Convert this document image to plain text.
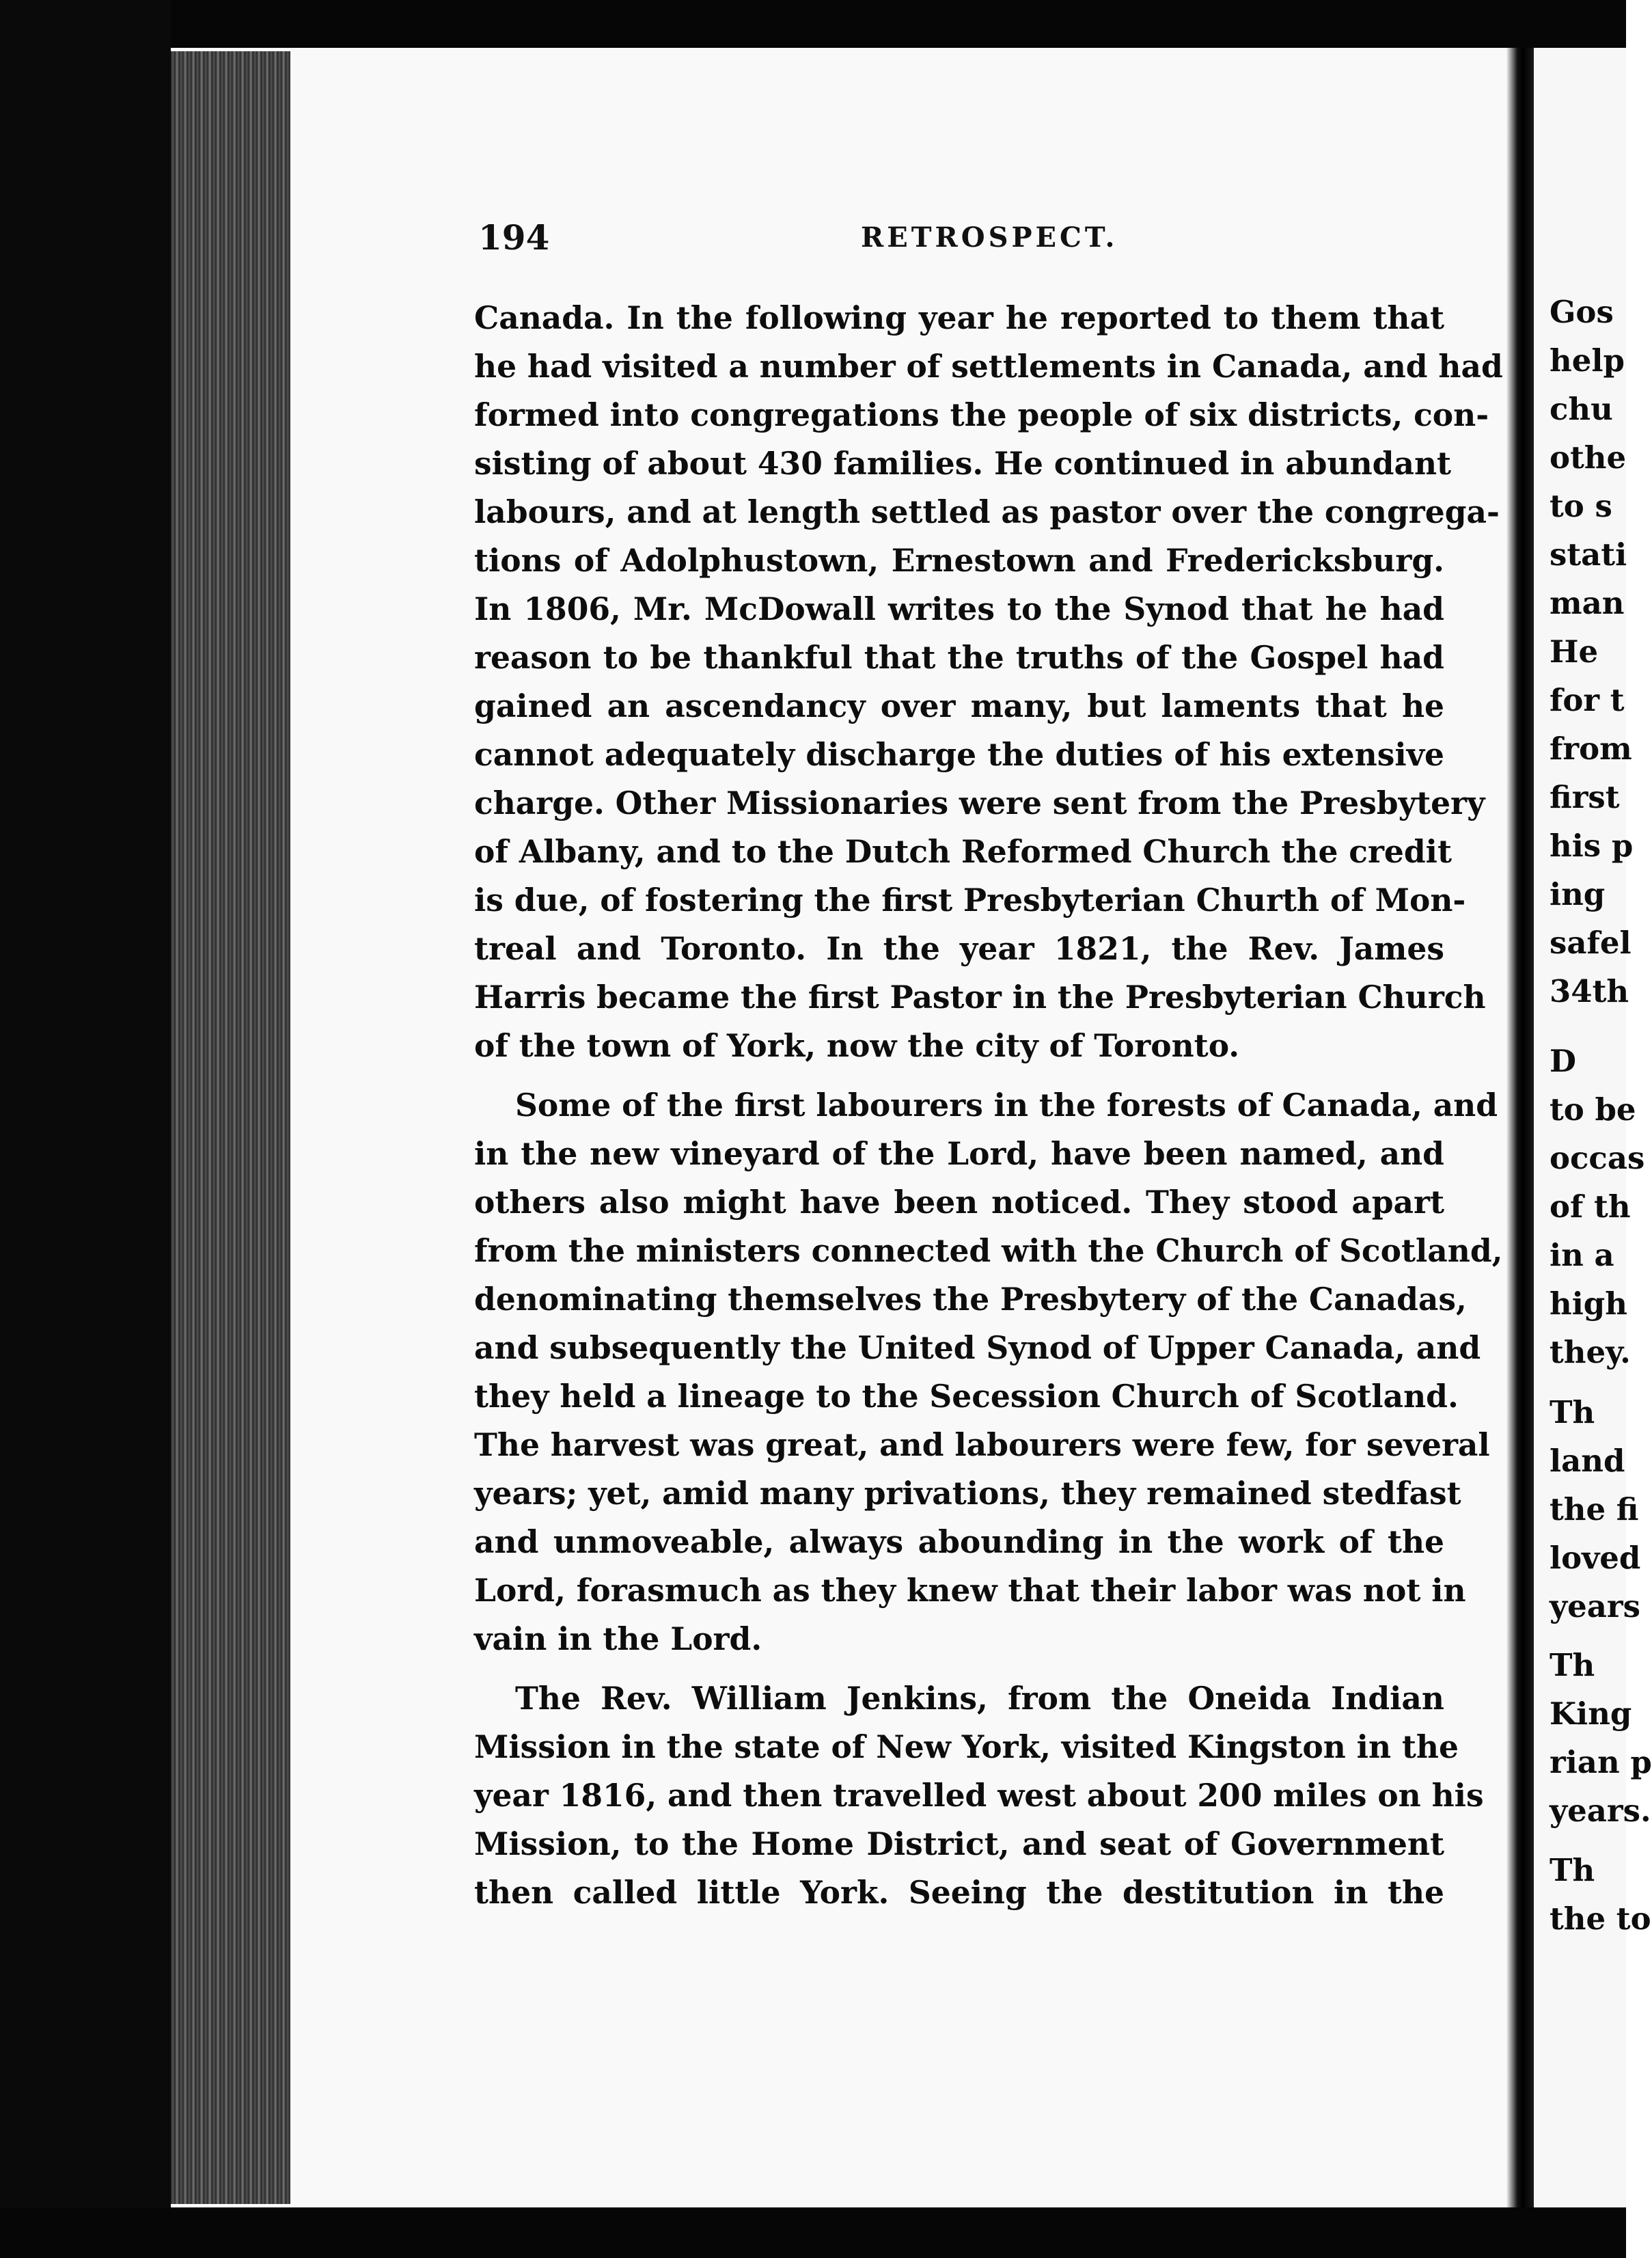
194	RETROSPECT.
Canada. In the following year he reported to them that
he had visited a number of settlements in Canada, and had
formed into congregations the people of six districts, con-
sisting of about 430 families. He continued in abundant
labours, and at length settled as pastor over the congrega-
tions of Adolphustown, Ernestown and Fredericksburg.
In 1806, Mr. McDowall writes to the Synod that he had
reason to be thankful that the truths of the Gospel had
gained an ascendancy over many, but laments that he
cannot adequately discharge the duties of his extensive
charge. Other Missionaries were sent from the Presbytery
of Albany, and to the Dutch Reformed Church the credit
is due, of fostering the first Presbyterian Churth of Mon-
treal and Toronto. In the year 1821, the Rev. James
Harris became the first Pastor in the Presbyterian Church
of the town of York, now the city of Toronto.
Some of the first labourers in the forests of Canada, and
in the new vineyard of the Lord, have been named, and
others also might have been noticed. They stood apart
from the ministers connected with the Church of Scotland,
denominating themselves the Presbytery of the Canadas,
and subsequently the United Synod of Upper Canada, and
they held a lineage to the Secession Church of Scotland.
The harvest was great, and labourers were few, for several
years; yet, amid many privations, they remained stedfast
and unmoveable, always abounding in the work of the
Lord, forasmuch as they knew that their labor was not in
vain in the Lord.
The Rev. William Jenkins, from the Oneida Indian
Mission in the state of New York, visited Kingston in the
year 1816, and then travelled west about 200 miles on his
Mission, to the Home District, and seat of Government
then called little York. Seeing the destitution in the
Gos
help
chu
othe
to s
stati
man
He
for t
from
first
his p
ing
safel
34th
D
to be
occas
of th
in a
high
they.
Th
land
the fi
loved
years
Th
King
rian p
years.
Th
the to
